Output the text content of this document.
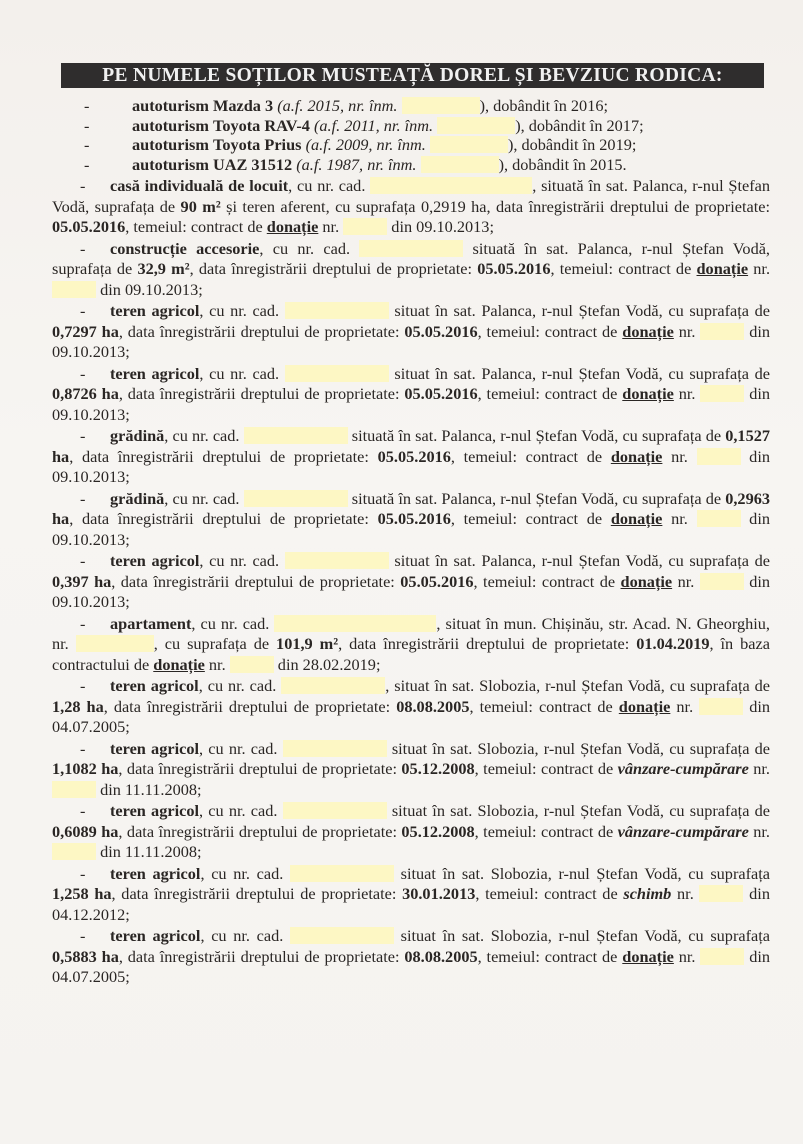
PE NUMELE SOȚILOR MUSTEAȚĂ DOREL ȘI BEVZIUC RODICA:

-	autoturism Mazda 3 (a.f. 2015, nr. înm.	), dobândit în 2016;

-	autoturism Toyota RAV-4 (a.f. 2011, nr. înm.	), dobândit în 2017;

-	autoturism Toyota Prius (a.f. 2009, nr. înm.	), dobândit în 2019;

-	autoturism UAZ 31512 (a.f. 1987, nr. înm.	), dobândit în 2015.

- casă individuală de locuit, cu nr. cad.	, situată în sat. Palanca, r-nul Ștefan Vodă, suprafața de 90 m² și teren aferent, cu suprafața 0,2919 ha, data înregistrării dreptului de proprietate: 05.05.2016, temeiul: contract de donație nr.	din 09.10.2013;

- construcție accesorie, cu nr. cad.	situată în sat. Palanca, r-nul Ștefan Vodă, suprafața de 32,9 m², data înregistrării dreptului de proprietate: 05.05.2016, temeiul: contract de donație nr.  din 09.10.2013;

- teren agricol, cu nr. cad.	situat în sat. Palanca, r-nul Ștefan Vodă, cu suprafața de 0,7297 ha, data înregistrării dreptului de proprietate: 05.05.2016, temeiul: contract de donație nr.	din 09.10.2013;

- teren agricol, cu nr. cad.	situat în sat. Palanca, r-nul Ștefan Vodă, cu suprafața de 0,8726 ha, data înregistrării dreptului de proprietate: 05.05.2016, temeiul: contract de donație nr.	din 09.10.2013;

- grădină, cu nr. cad.	situată în sat. Palanca, r-nul Ștefan Vodă, cu suprafața de 0,1527 ha, data înregistrării dreptului de proprietate: 05.05.2016, temeiul: contract de donație nr.	din 09.10.2013;

- grădină, cu nr. cad.	situată în sat. Palanca, r-nul Ștefan Vodă, cu suprafața de 0,2963 ha, data înregistrării dreptului de proprietate: 05.05.2016, temeiul: contract de donație nr.	din 09.10.2013;

- teren agricol, cu nr. cad.	situat în sat. Palanca, r-nul Ștefan Vodă, cu suprafața de 0,397 ha, data înregistrării dreptului de proprietate: 05.05.2016, temeiul: contract de donație nr.	din 09.10.2013;

- apartament, cu nr. cad.	, situat în mun. Chișinău, str. Acad. N. Gheorghiu, nr.	, cu suprafața de 101,9 m², data înregistrării dreptului de proprietate: 01.04.2019, în baza contractului de donație nr.	din 28.02.2019;

- teren agricol, cu nr. cad.	, situat în sat. Slobozia, r-nul Ștefan Vodă, cu suprafața de 1,28 ha, data înregistrării dreptului de proprietate: 08.08.2005, temeiul: contract de donație nr.	din 04.07.2005;

- teren agricol, cu nr. cad.	situat în sat. Slobozia, r-nul Ștefan Vodă, cu suprafața de 1,1082 ha, data înregistrării dreptului de proprietate: 05.12.2008, temeiul: contract de vânzare-cumpărare nr.  din 11.11.2008;

- teren agricol, cu nr. cad.	situat în sat. Slobozia, r-nul Ștefan Vodă, cu suprafața de 0,6089 ha, data înregistrării dreptului de proprietate: 05.12.2008, temeiul: contract de vânzare-cumpărare nr.  din 11.11.2008;

- teren agricol, cu nr. cad.	situat în sat. Slobozia, r-nul Ștefan Vodă, cu suprafața 1,258 ha, data înregistrării dreptului de proprietate: 30.01.2013, temeiul: contract de schimb nr.	din 04.12.2012;

- teren agricol, cu nr. cad.	situat în sat. Slobozia, r-nul Ștefan Vodă, cu suprafața 0,5883 ha, data înregistrării dreptului de proprietate: 08.08.2005, temeiul: contract de donație nr.	din 04.07.2005;
